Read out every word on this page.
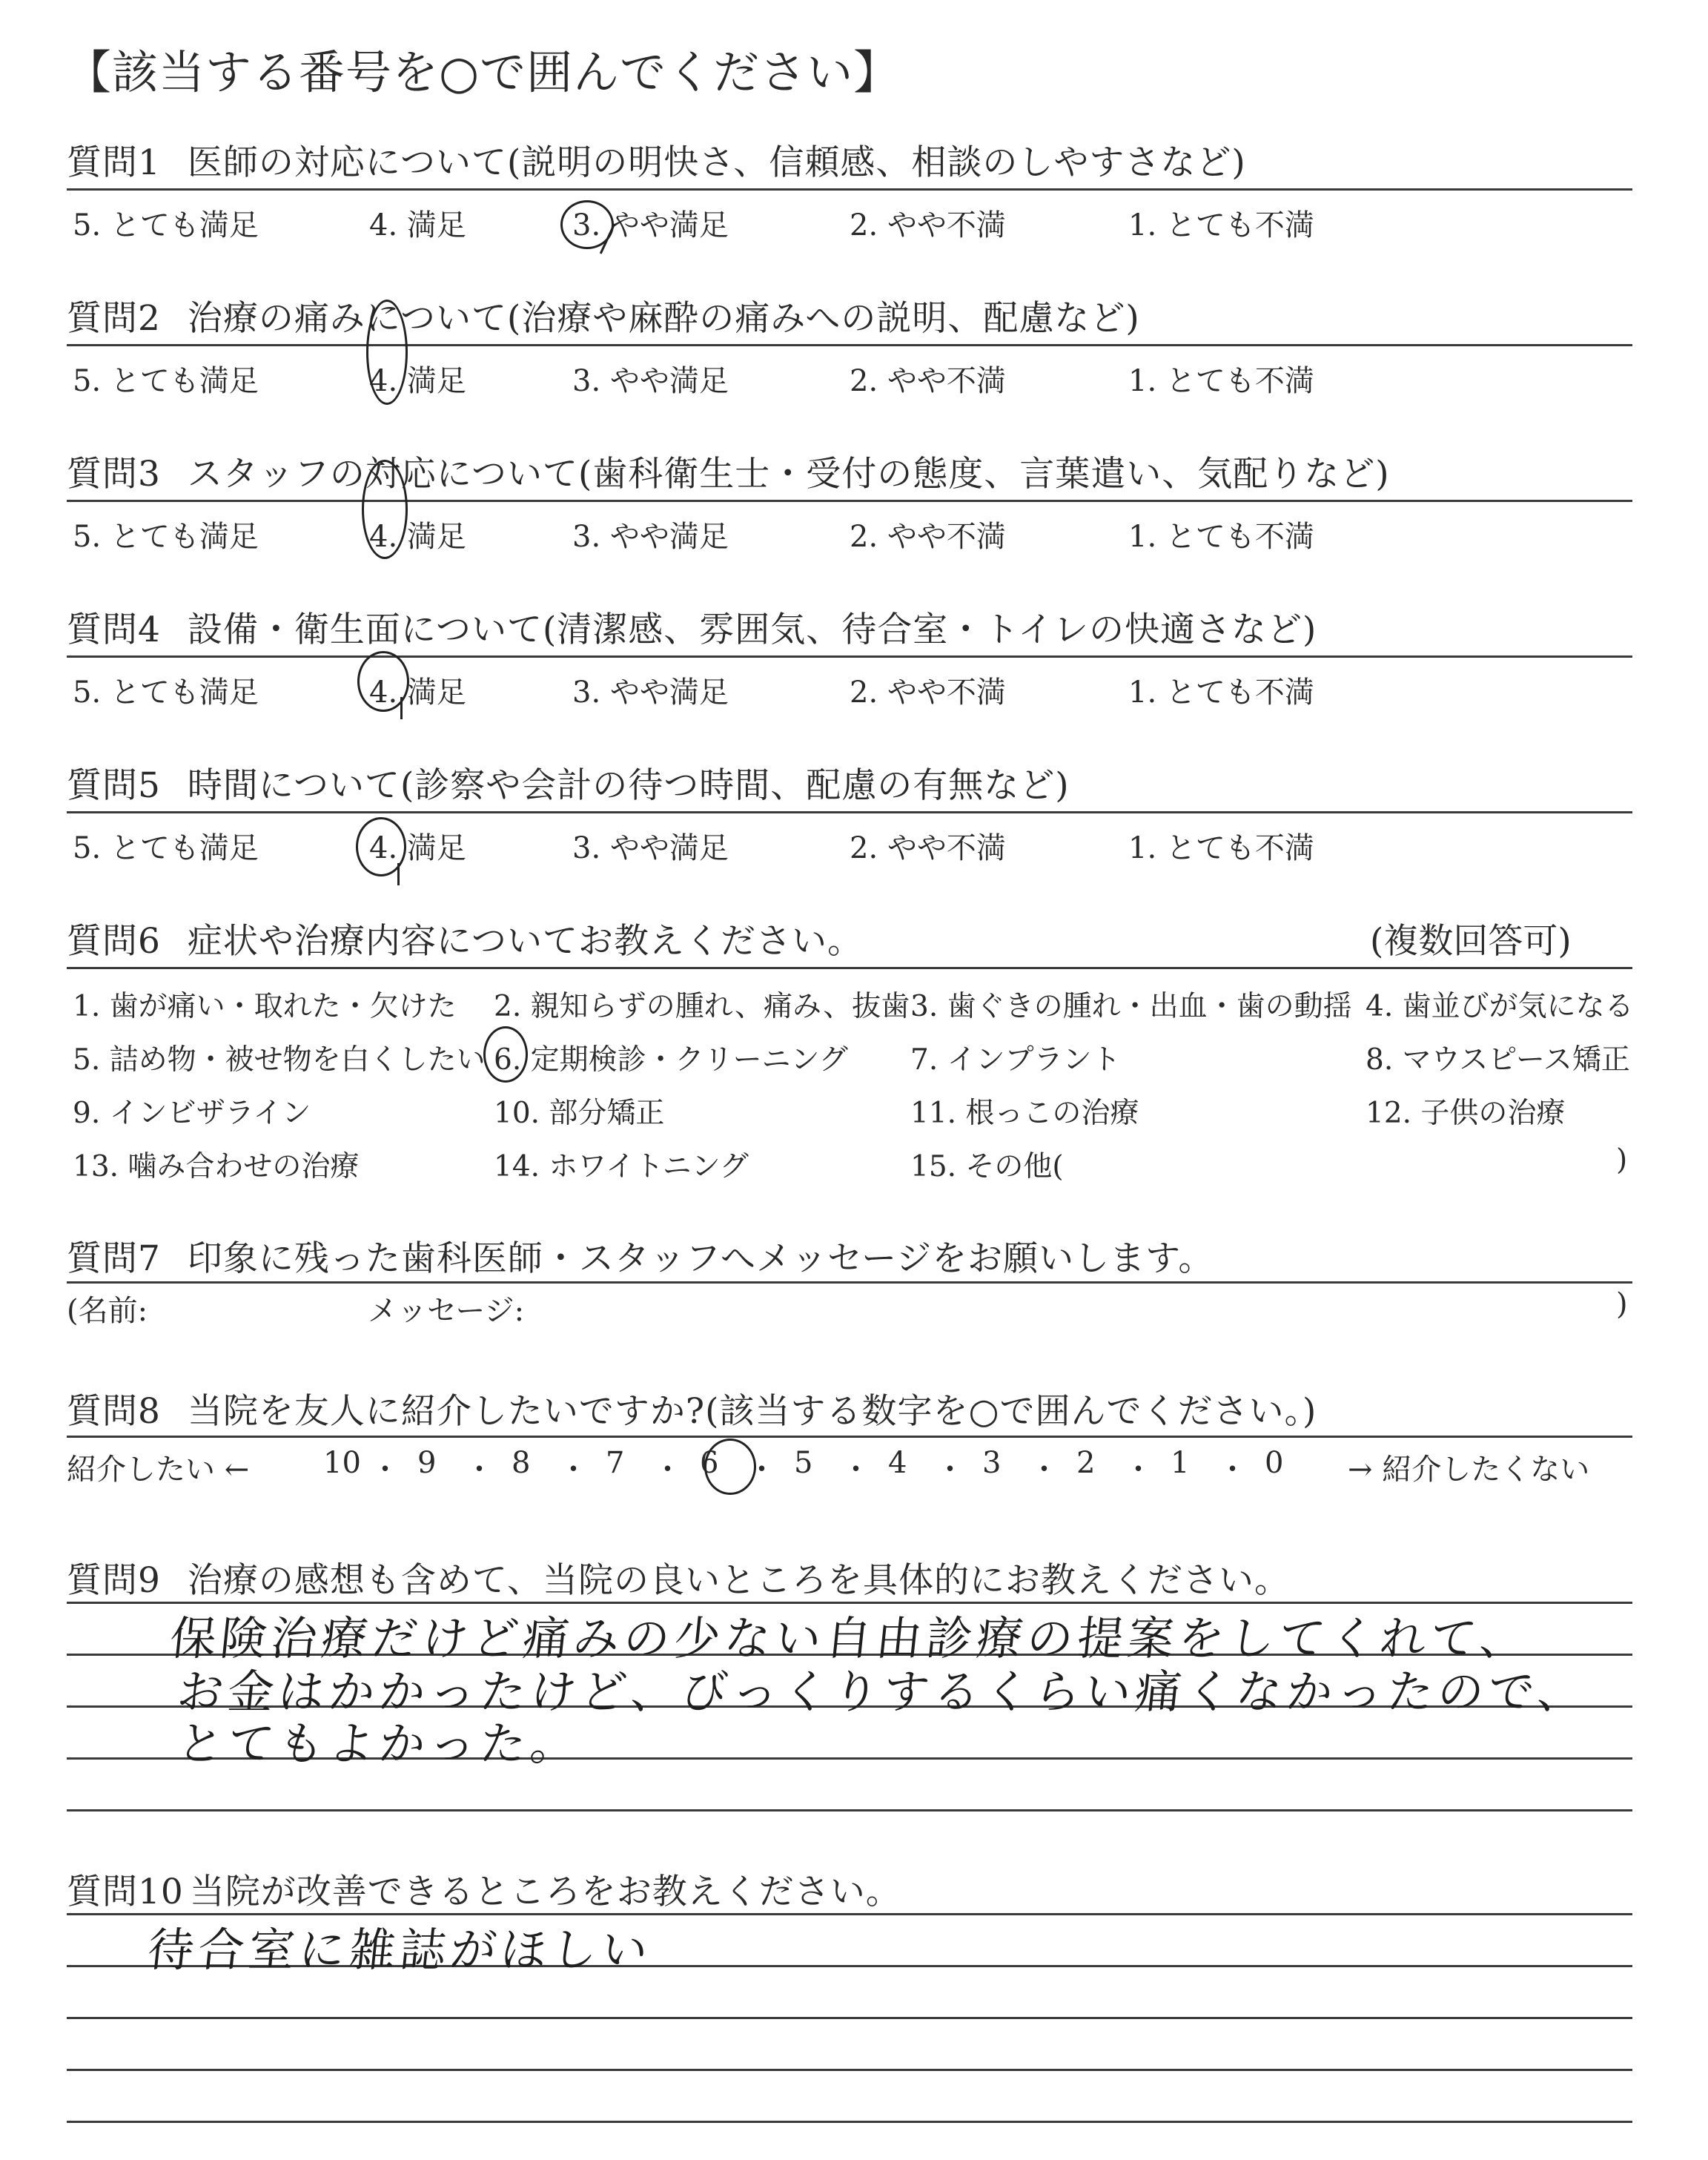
【該当する番号を○で囲んでください】
質問1 医師の対応について(説明の明快さ、信頼感、相談のしやすさなど)
5. とても満足	4. 満足	3. やや満足	2. やや不満	1. とても不満
質問2 治療の痛みについて(治療や麻酔の痛みへの説明、配慮など)
5. とても満足	4. 満足	3. やや満足	2. やや不満	1. とても不満
質問3 スタッフの対応について(歯科衛生士・受付の態度、言葉遣い、気配りなど)
5. とても満足	4. 満足	3. やや満足	2. やや不満	1. とても不満
質問4 設備・衛生面について(清潔感、雰囲気、待合室・トイレの快適さなど)
5. とても満足	4. 満足	3. やや満足	2. やや不満	1. とても不満
質問5 時間について(診察や会計の待つ時間、配慮の有無など)
5. とても満足	4. 満足	3. やや満足	2. やや不満	1. とても不満
質問6 症状や治療内容についてお教えください。	(複数回答可)
1. 歯が痛い・取れた・欠けた 2. 親知らずの腫れ、痛み、抜歯 3. 歯ぐきの腫れ・出血・歯の動揺 4. 歯並びが気になる
5. 詰め物・被せ物を白くしたい 6. 定期検診・クリーニング 7. インプラント	8. マウスピース矯正
9. インビザライン	10. 部分矯正	11. 根っこの治療	12. 子供の治療
13. 噛み合わせの治療	14. ホワイトニング	15. その他(	)
質問7 印象に残った歯科医師・スタッフへメッセージをお願いします。
(名前:	メッセージ:	)
質問8 当院を友人に紹介したいですか?(該当する数字を○で囲んでください。)
紹介したい ← 10 ・ 9 ・ 8 ・ 7 ・ 6 ・ 5 ・ 4 ・ 3 ・ 2 ・ 1 ・ 0 → 紹介したくない
質問9 治療の感想も含めて、当院の良いところを具体的にお教えください。
保険治療だけど痛みの少ない自由診療の提案をしてくれて、
お金はかかったけど、びっくりするくらい痛くなかったので、
とてもよかった。
質問10 当院が改善できるところをお教えください。
待合室に雑誌がほしい
